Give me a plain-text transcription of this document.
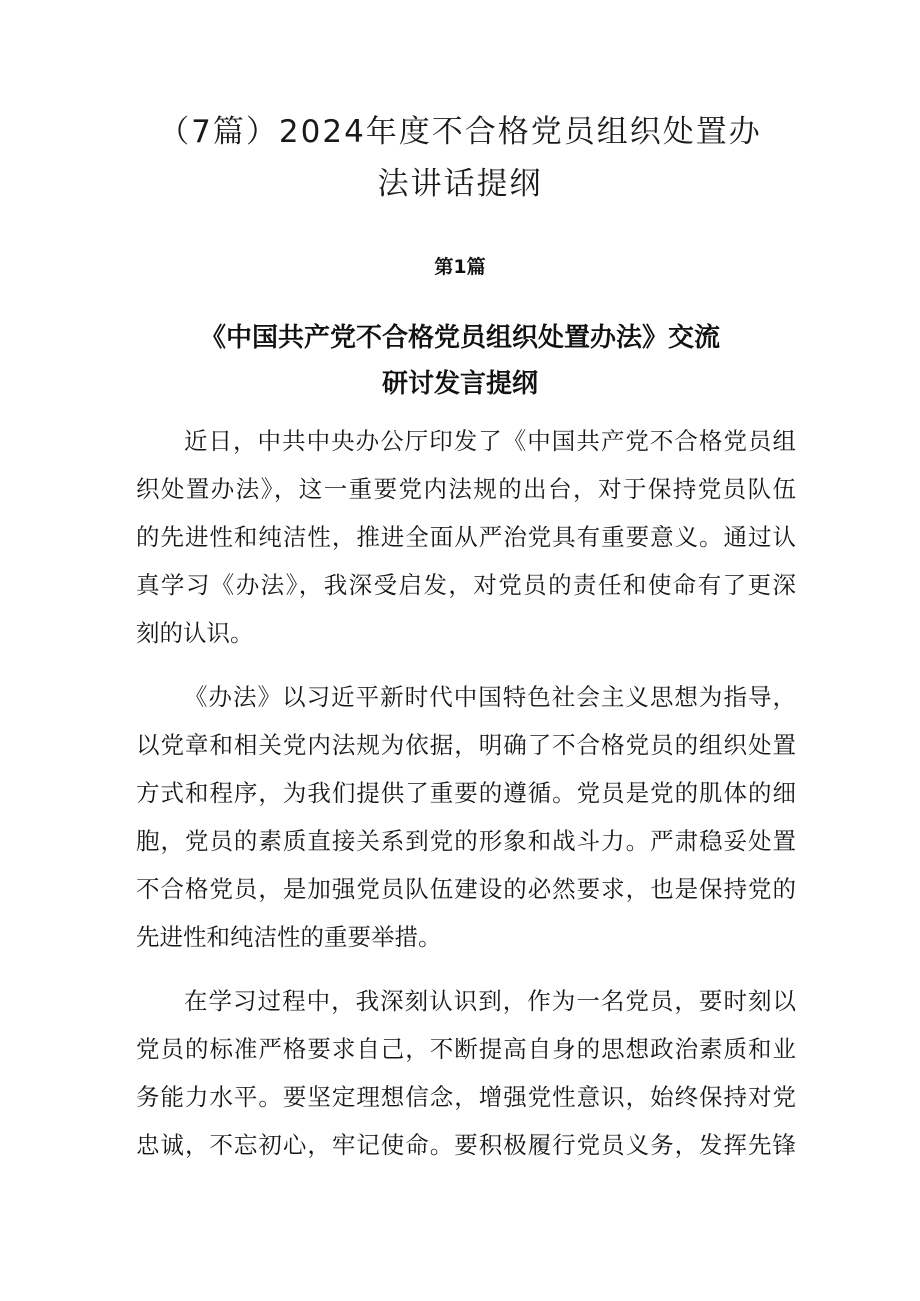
（7篇）2024年度不合格党员组织处置办
法讲话提纲
第1篇
《中国共产党不合格党员组织处置办法》交流
研讨发言提纲
近日，中共中央办公厅印发了《中国共产党不合格党员组
织处置办法》，这一重要党内法规的出台，对于保持党员队伍
的先进性和纯洁性，推进全面从严治党具有重要意义。通过认
真学习《办法》，我深受启发，对党员的责任和使命有了更深
刻的认识。
《办法》以习近平新时代中国特色社会主义思想为指导，
以党章和相关党内法规为依据，明确了不合格党员的组织处置
方式和程序，为我们提供了重要的遵循。党员是党的肌体的细
胞，党员的素质直接关系到党的形象和战斗力。严肃稳妥处置
不合格党员，是加强党员队伍建设的必然要求，也是保持党的
先进性和纯洁性的重要举措。
在学习过程中，我深刻认识到，作为一名党员，要时刻以
党员的标准严格要求自己，不断提高自身的思想政治素质和业
务能力水平。要坚定理想信念，增强党性意识，始终保持对党
忠诚，不忘初心，牢记使命。要积极履行党员义务，发挥先锋
